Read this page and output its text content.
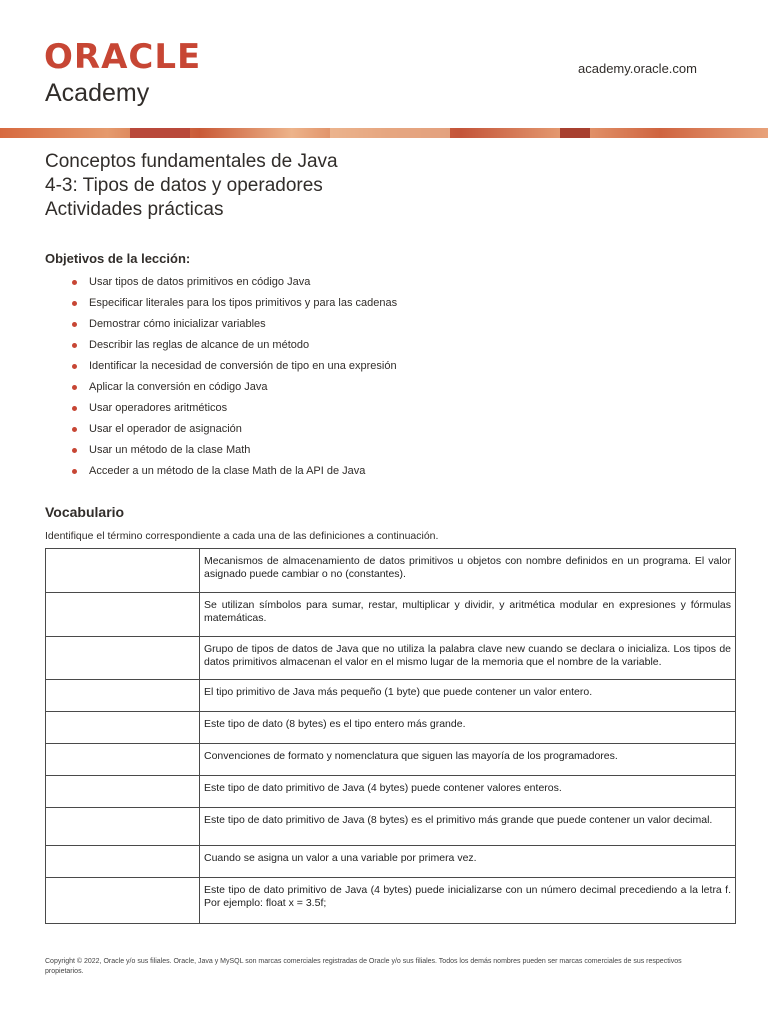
ORACLE
Academy
academy.oracle.com
Conceptos fundamentales de Java
4-3: Tipos de datos y operadores
Actividades prácticas
Objetivos de la lección:
Usar tipos de datos primitivos en código Java
Especificar literales para los tipos primitivos y para las cadenas
Demostrar cómo inicializar variables
Describir las reglas de alcance de un método
Identificar la necesidad de conversión de tipo en una expresión
Aplicar la conversión en código Java
Usar operadores aritméticos
Usar el operador de asignación
Usar un método de la clase Math
Acceder a un método de la clase Math de la API de Java
Vocabulario
Identifique el término correspondiente a cada una de las definiciones a continuación.
	Mecanismos de almacenamiento de datos primitivos u objetos con nombre definidos en un programa. El valor asignado puede cambiar o no (constantes).
	Se utilizan símbolos para sumar, restar, multiplicar y dividir, y aritmética modular en expresiones y fórmulas matemáticas.
	Grupo de tipos de datos de Java que no utiliza la palabra clave new cuando se declara o inicializa. Los tipos de datos primitivos almacenan el valor en el mismo lugar de la memoria que el nombre de la variable.
	El tipo primitivo de Java más pequeño (1 byte) que puede contener un valor entero.
	Este tipo de dato (8 bytes) es el tipo entero más grande.
	Convenciones de formato y nomenclatura que siguen las mayoría de los programadores.
	Este tipo de dato primitivo de Java (4 bytes) puede contener valores enteros.
	Este tipo de dato primitivo de Java (8 bytes) es el primitivo más grande que puede contener un valor decimal.
	Cuando se asigna un valor a una variable por primera vez.
	Este tipo de dato primitivo de Java (4 bytes) puede inicializarse con un número decimal precediendo a la letra f. Por ejemplo: float x = 3.5f;
Copyright © 2022, Oracle y/o sus filiales. Oracle, Java y MySQL son marcas comerciales registradas de Oracle y/o sus filiales. Todos los demás nombres pueden ser marcas comerciales de sus respectivos propietarios.
